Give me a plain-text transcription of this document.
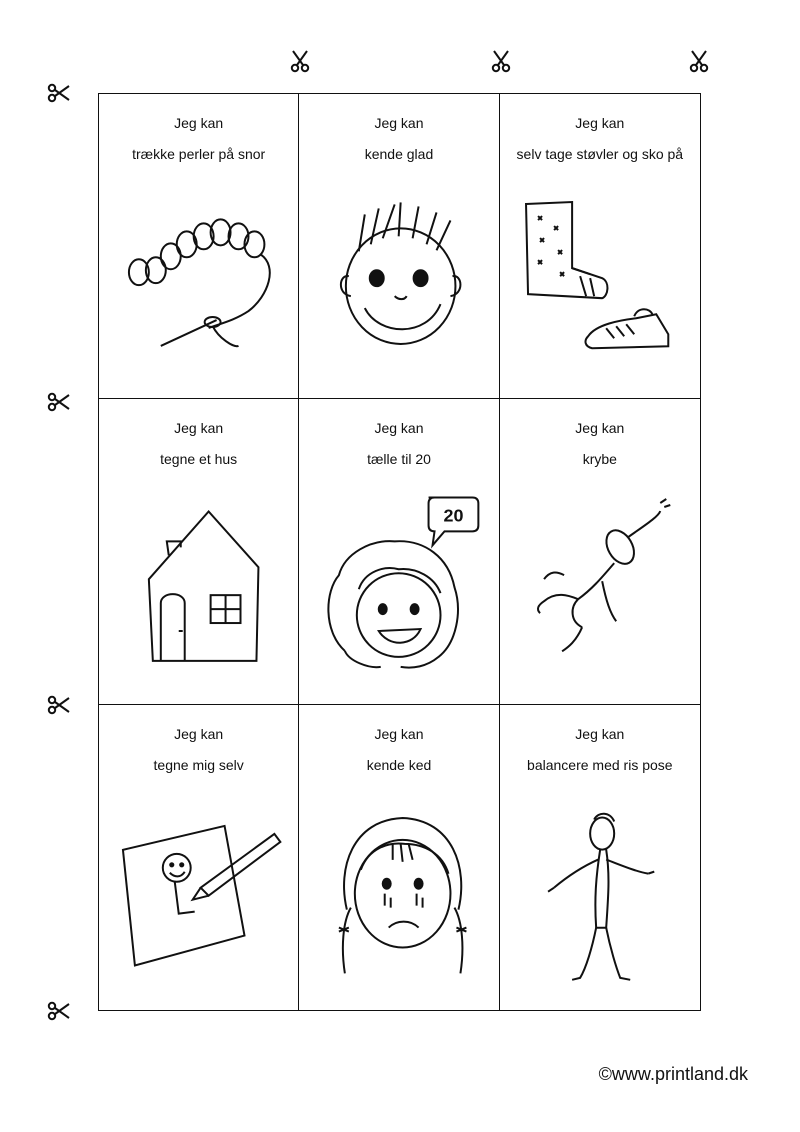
Jeg kan
trække perler på snor
Jeg kan
kende glad
Jeg kan
selv tage støvler og sko på
Jeg kan
tegne et hus
Jeg kan
tælle til 20
20
Jeg kan
krybe
Jeg kan
tegne mig selv
Jeg kan
kende ked
Jeg kan
balancere med ris pose
©www.printland.dk
